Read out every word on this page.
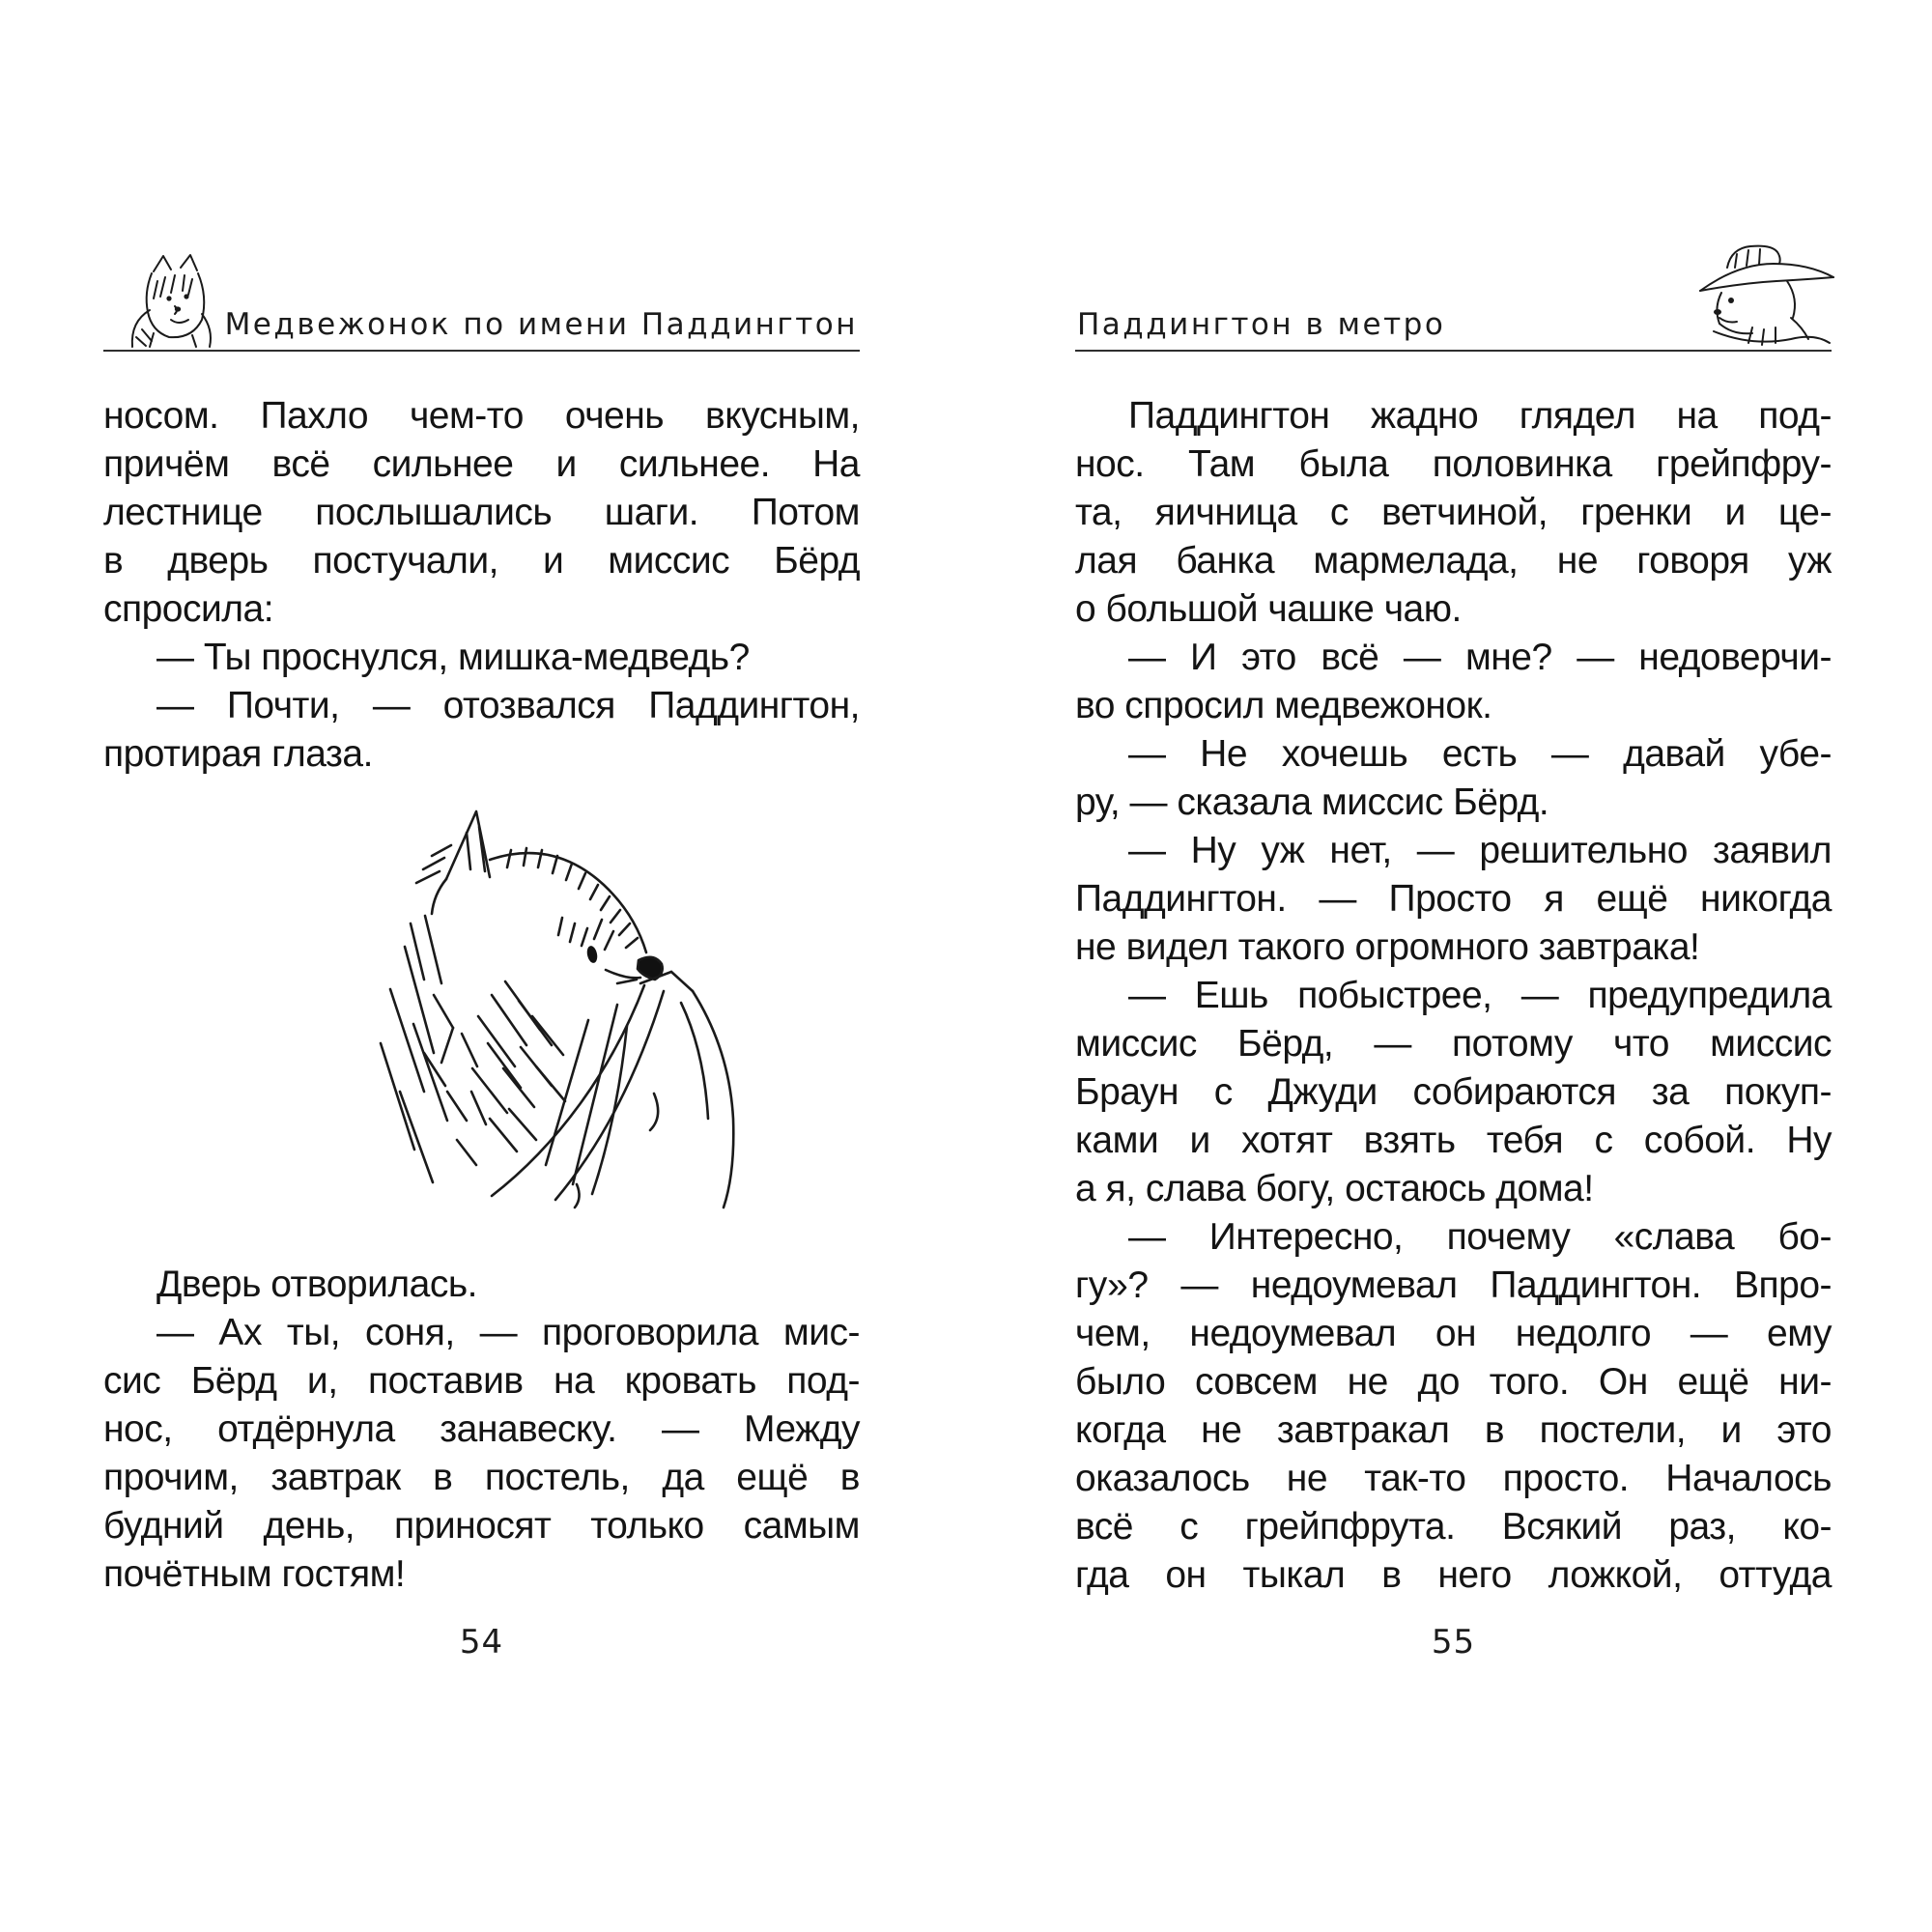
Медвежонок по имени Паддингтон
носом. Пахло чем-то очень вкусным,
причём всё сильнее и сильнее. На
лестнице послышались шаги. Потом
в дверь постучали, и миссис Бёрд
спросила:
— Ты проснулся, мишка-медведь?
— Почти, — отозвался Паддингтон,
протирая глаза.
Дверь отворилась.
— Ах ты, соня, — проговорила мис-
сис Бёрд и, поставив на кровать под-
нос, отдёрнула занавеску. — Между
прочим, завтрак в постель, да ещё в
будний день, приносят только самым
почётным гостям!
54
Паддингтон в метро
Паддингтон жадно глядел на под-
нос. Там была половинка грейпфру-
та, яичница с ветчиной, гренки и це-
лая банка мармелада, не говоря уж
о большой чашке чаю.
— И это всё — мне? — недоверчи-
во спросил медвежонок.
— Не хочешь есть — давай убе-
ру, — сказала миссис Бёрд.
— Ну уж нет, — решительно заявил
Паддингтон. — Просто я ещё никогда
не видел такого огромного завтрака!
— Ешь побыстрее, — предупредила
миссис Бёрд, — потому что миссис
Браун с Джуди собираются за покуп-
ками и хотят взять тебя с собой. Ну
а я, слава богу, остаюсь дома!
— Интересно, почему «слава бо-
гу»? — недоумевал Паддингтон. Впро-
чем, недоумевал он недолго — ему
было совсем не до того. Он ещё ни-
когда не завтракал в постели, и это
оказалось не так-то просто. Началось
всё с грейпфрута. Всякий раз, ко-
гда он тыкал в него ложкой, оттуда
55
